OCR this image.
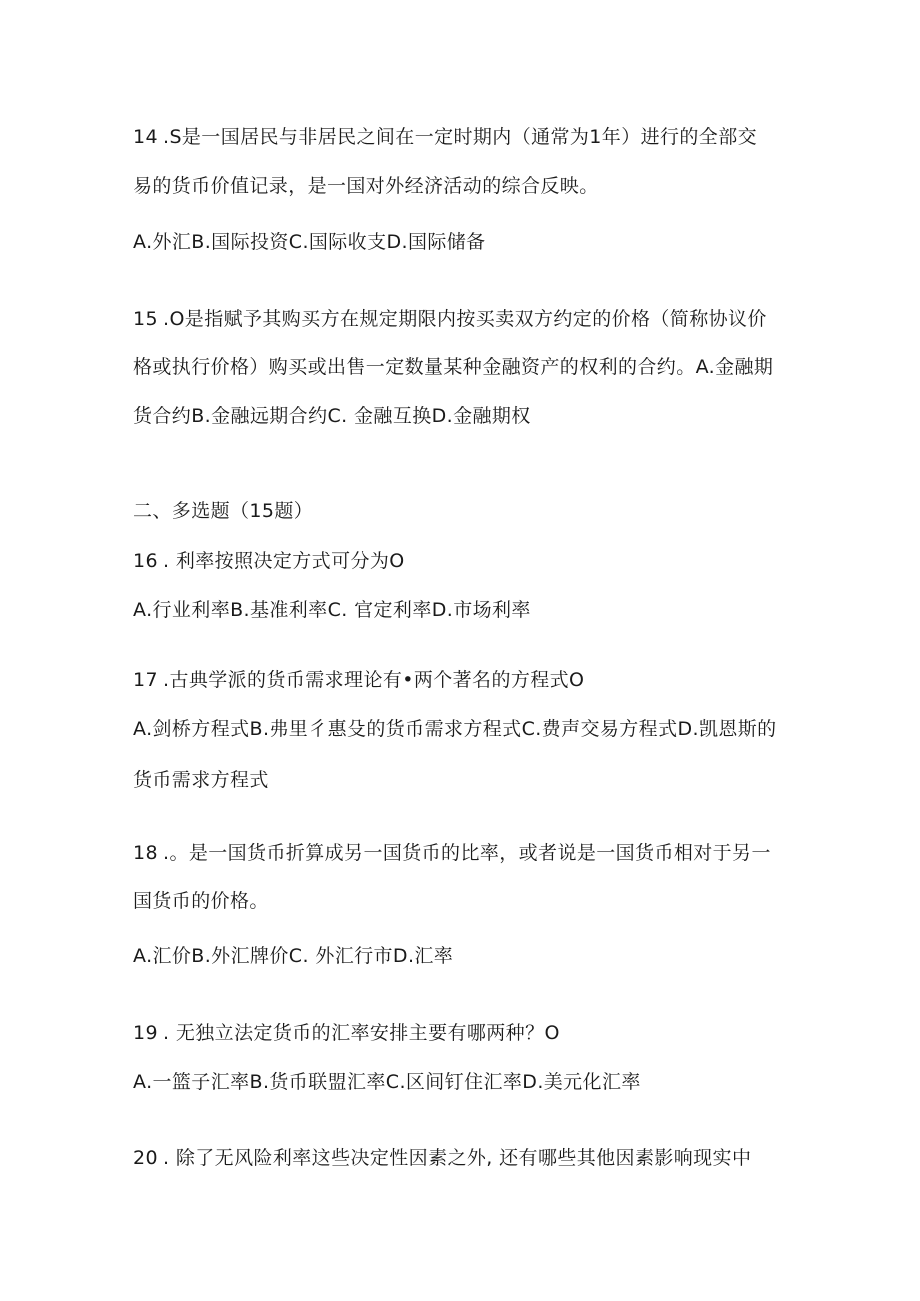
14 .S是一国居民与非居民之间在一定时期内（通常为1年）进行的全部交
易的货币价值记录，是一国对外经济活动的综合反映。
A.外汇B.国际投资C.国际收支D.国际储备
15 .O是指赋予其购买方在规定期限内按买卖双方约定的价格（简称协议价
格或执行价格）购买或出售一定数量某种金融资产的权利的合约。A.金融期
货合约B.金融远期合约C. 金融互换D.金融期权
二、多选题（15题）
16 . 利率按照决定方式可分为O
A.行业利率B.基准利率C. 官定利率D.市场利率
17 .古典学派的货币需求理论有•两个著名的方程式O
A.剑桥方程式B.弗里彳惠殳的货币需求方程式C.费声交易方程式D.凯恩斯的
货币需求方程式
18 .。是一国货币折算成另一国货币的比率，或者说是一国货币相对于另一
国货币的价格。
A.汇价B.外汇牌价C. 外汇行市D.汇率
19 . 无独立法定货币的汇率安排主要有哪两种？O
A.一篮子汇率B.货币联盟汇率C.区间钉住汇率D.美元化汇率
20 . 除了无风险利率这些决定性因素之外, 还有哪些其他因素影响现实中
